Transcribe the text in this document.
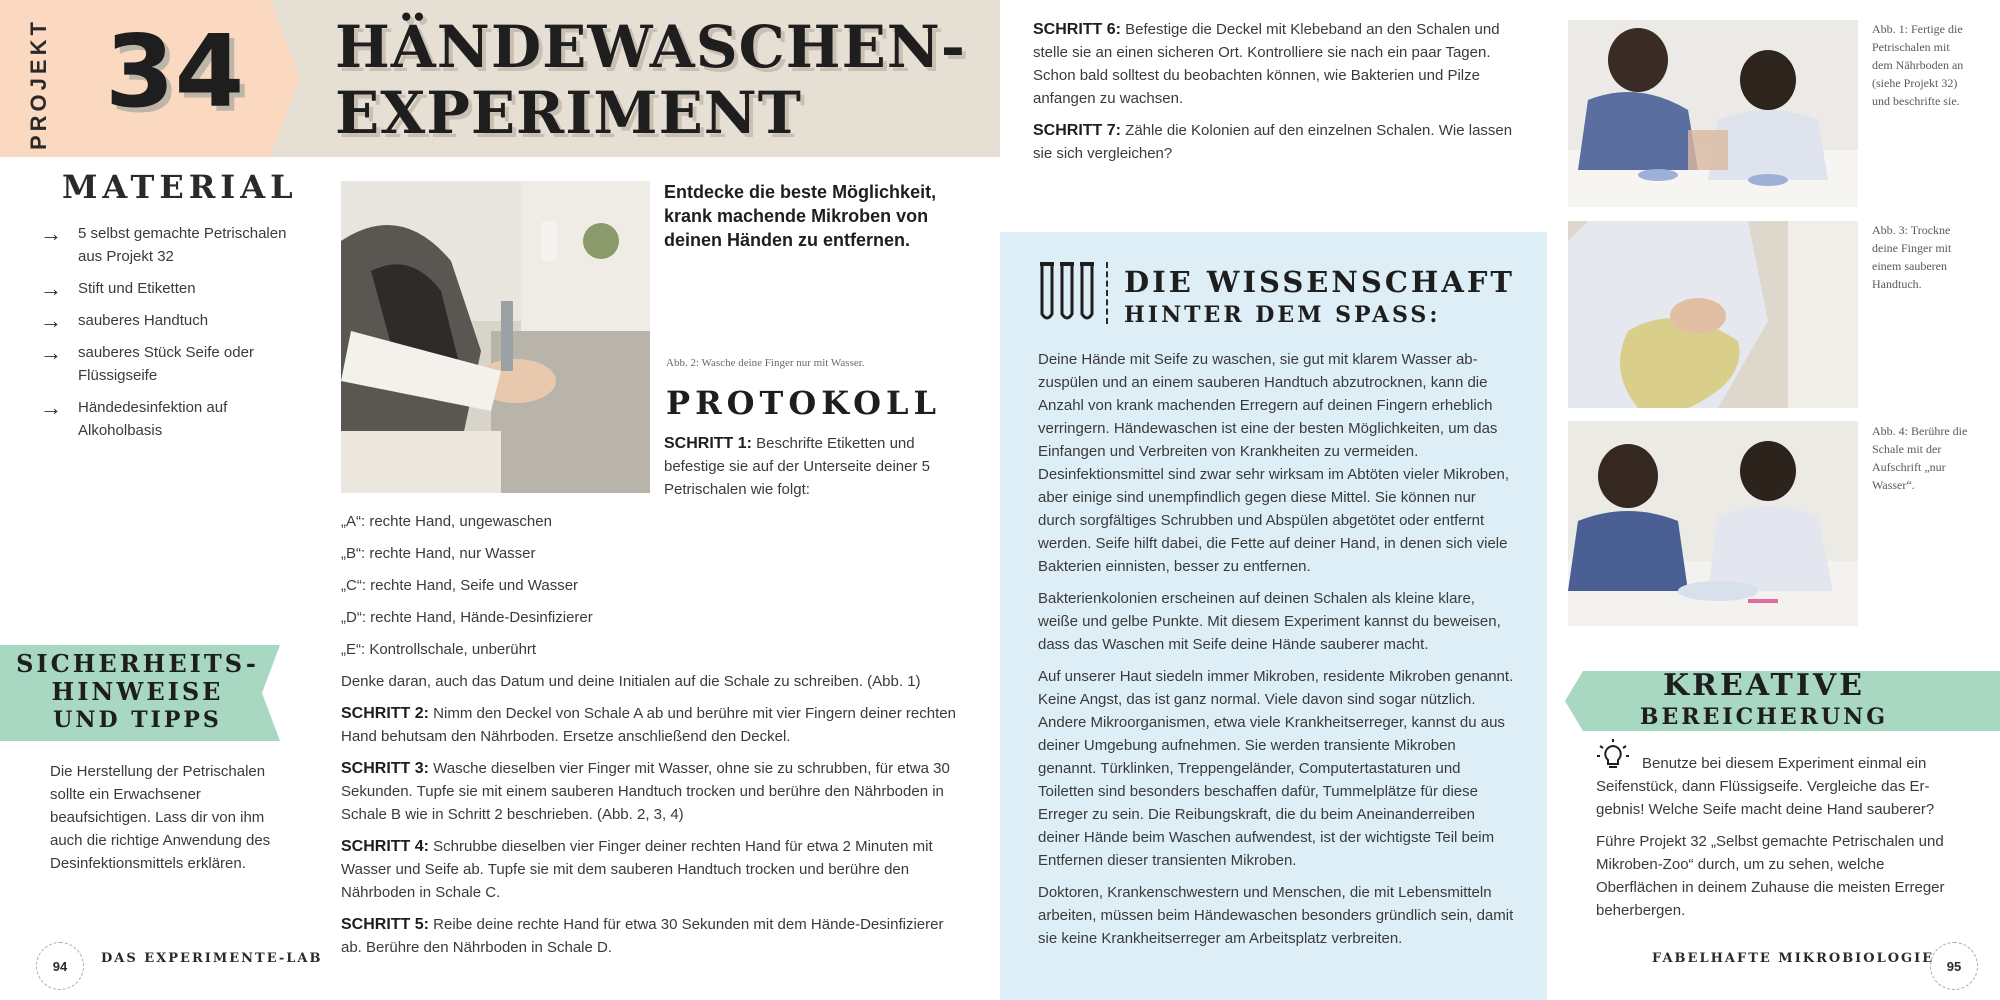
PROJEKT 34 HÄNDEWASCHEN-
EXPERIMENT
MATERIAL
→ 5 selbst gemachte Petrischalen aus Projekt 32
→ Stift und Etiketten
→ sauberes Handtuch
→ sauberes Stück Seife oder Flüssigseife
→ Händedesinfektion auf Alkoholbasis
SICHERHEITS-
HINWEISE
UND TIPPS
Die Herstellung der Petrischalen sollte ein Erwachsener beaufsichtigen. Lass dir von ihm auch die richtige Anwendung des Desinfektionsmittels erklären.
Entdecke die beste Möglichkeit, krank machende Mikroben von deinen Händen zu entfernen.
Abb. 2: Wasche deine Finger nur mit Wasser.
PROTOKOLL
SCHRITT 1: Beschrifte Etiketten und befestige sie auf der Unterseite deiner 5 Petrischalen wie folgt:
„A“: rechte Hand, ungewaschen
„B“: rechte Hand, nur Wasser
„C“: rechte Hand, Seife und Wasser
„D“: rechte Hand, Hände-Desinfizierer
„E“: Kontrollschale, unberührt

Denke daran, auch das Datum und deine Initialen auf die Schale zu schreiben. (Abb. 1)

SCHRITT 2: Nimm den Deckel von Schale A ab und berühre mit vier Fingern deiner rechten Hand behutsam den Nährboden. Ersetze anschließend den Deckel.

SCHRITT 3: Wasche dieselben vier Finger mit Wasser, ohne sie zu schrubben, für etwa 30 Sekunden. Tupfe sie mit einem sauberen Handtuch trocken und berühre den Nährboden in Schale B wie in Schritt 2 beschrieben. (Abb. 2, 3, 4)

SCHRITT 4: Schrubbe dieselben vier Finger deiner rechten Hand für etwa 2 Minuten mit Wasser und Seife ab. Tupfe sie mit dem sauberen Handtuch trocken und berühre den Nährboden in Schale C.

SCHRITT 5: Reibe deine rechte Hand für etwa 30 Sekunden mit dem Hände-Desinfizierer ab. Berühre den Nährboden in Schale D.

94	DAS EXPERIMENTE-LAB

SCHRITT 6: Befestige die Deckel mit Klebeband an den Schalen und stelle sie an einen sicheren Ort. Kontrolliere sie nach ein paar Tagen. Schon bald solltest du beobachten können, wie Bakterien und Pilze anfangen zu wachsen.

SCHRITT 7: Zähle die Kolonien auf den einzelnen Schalen. Wie lassen sie sich vergleichen?

DIE WISSENSCHAFT
HINTER DEM SPASS:

Deine Hände mit Seife zu waschen, sie gut mit klarem Wasser abzuspülen und an einem sauberen Handtuch abzutrocknen, kann die Anzahl von krank machenden Erregern auf deinen Fingern erheblich verringern. Händewaschen ist eine der besten Möglichkeiten, um das Einfangen und Verbreiten von Krankheiten zu vermeiden. Desinfektionsmittel sind zwar sehr wirksam im Abtöten vieler Mikroben, aber einige sind unempfindlich gegen diese Mittel. Sie können nur durch sorgfältiges Schrubben und Abspülen abgetötet oder entfernt werden. Seife hilft dabei, die Fette auf deiner Hand, in denen sich viele Bakterien einnisten, besser zu entfernen.

Bakterienkolonien erscheinen auf deinen Schalen als kleine klare, weiße und gelbe Punkte. Mit diesem Experiment kannst du beweisen, dass das Waschen mit Seife deine Hände sauberer macht.

Auf unserer Haut siedeln immer Mikroben, residente Mikroben genannt. Keine Angst, das ist ganz normal. Viele davon sind sogar nützlich. Andere Mikroorganismen, etwa viele Krankheitserreger, kannst du aus deiner Umgebung aufnehmen. Sie werden transiente Mikroben genannt. Türklinken, Treppengeländer, Computertastaturen und Toiletten sind besonders beschaffen dafür, Tummelplätze für diese Erreger zu sein. Die Reibungskraft, die du beim Aneinanderreiben deiner Hände beim Waschen aufwendest, ist der wichtigste Teil beim Entfernen dieser transienten Mikroben.

Doktoren, Krankenschwestern und Menschen, die mit Lebensmitteln arbeiten, müssen beim Händewaschen besonders gründlich sein, damit sie keine Krankheitserreger am Arbeitsplatz verbreiten.

Abb. 1: Fertige die Petrischalen mit dem Nährboden an (siehe Projekt 32) und beschrifte sie.
Abb. 3: Trockne deine Finger mit einem sauberen Handtuch.
Abb. 4: Berühre die Schale mit der Aufschrift „nur Wasser“.
KREATIVE
BEREICHERUNG

Benutze bei diesem Experiment einmal ein Seifenstück, dann Flüssigseife. Vergleiche das Ergebnis! Welche Seife macht deine Hand sauberer?

Führe Projekt 32 „Selbst gemachte Petrischalen und Mikroben-Zoo“ durch, um zu sehen, welche Oberflächen in deinem Zuhause die meisten Erreger beherbergen.

FABELHAFTE MIKROBIOLOGIE 95
